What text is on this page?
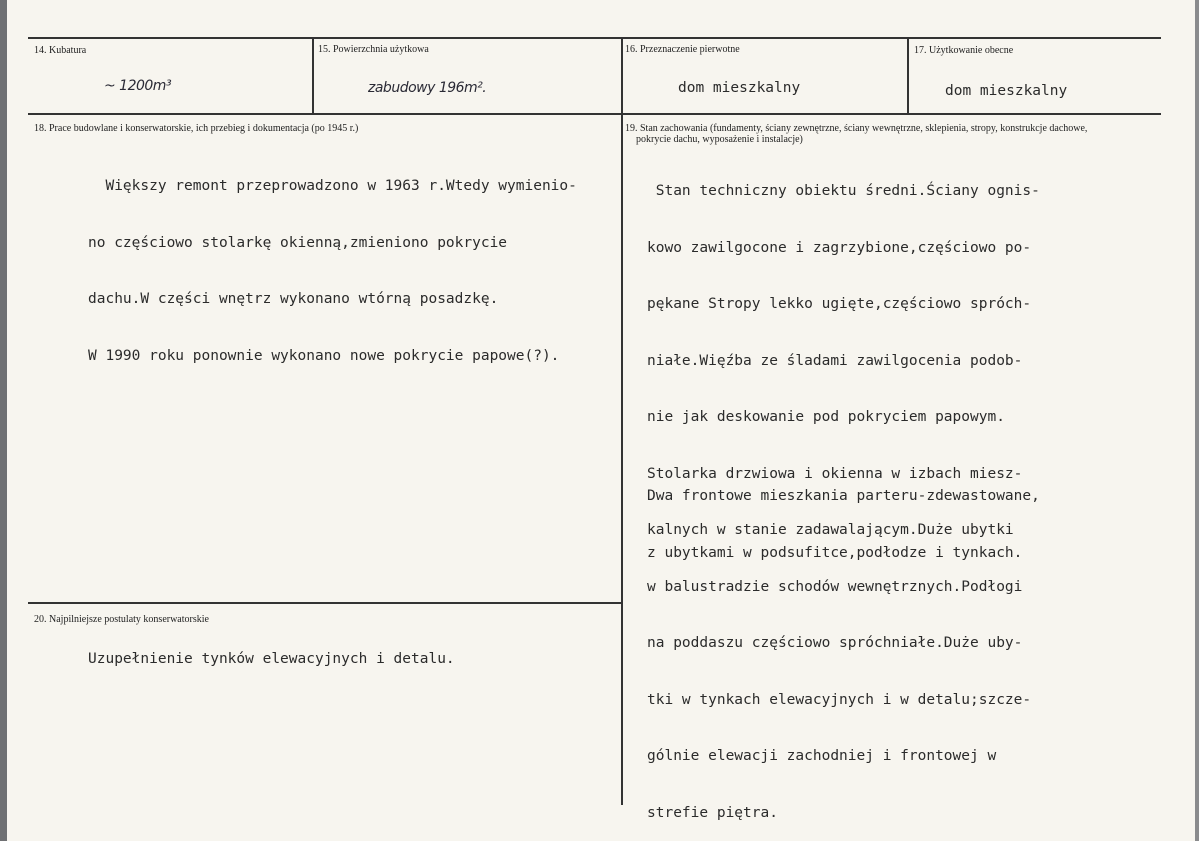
14. Kubatura
~ 1200m³
15. Powierzchnia użytkowa
zabudowy 196m².
16. Przeznaczenie pierwotne
dom mieszkalny
17. Użytkowanie obecne
dom mieszkalny
18. Prace budowlane i konserwatorskie, ich przebieg i dokumentacja (po 1945 r.)

Większy remont przeprowadzono w 1963 r.Wtedy wymienio-

no częściowo stolarkę okienną,zmieniono pokrycie

dachu.W części wnętrz wykonano wtórną posadzkę.

W 1990 roku ponownie wykonano nowe pokrycie papowe(?).

19. Stan zachowania (fundamenty, ściany zewnętrzne, ściany wewnętrzne, sklepienia, stropy, konstrukcje dachowe,
pokrycie dachu, wyposażenie i instalacje)

Stan techniczny obiektu średni.Ściany ognis-

kowo zawilgocone i zagrzybione,częściowo po-

pękane Stropy lekko ugięte,częściowo spróch-

niałe.Więźba ze śladami zawilgocenia podob-

nie jak deskowanie pod pokryciem papowym.

Stolarka drzwiowa i okienna w izbach miesz-

kalnych w stanie zadawalającym.Duże ubytki

w balustradzie schodów wewnętrznych.Podłogi

na poddaszu częściowo spróchniałe.Duże uby-

tki w tynkach elewacyjnych i w detalu;szcze-

gólnie elewacji zachodniej i frontowej w

strefie piętra.

Dwa frontowe mieszkania parteru-zdewastowane,

z ubytkami w podsufitce,podłodze i tynkach.

20. Najpilniejsze postulaty konserwatorskie
Uzupełnienie tynków elewacyjnych i detalu.
